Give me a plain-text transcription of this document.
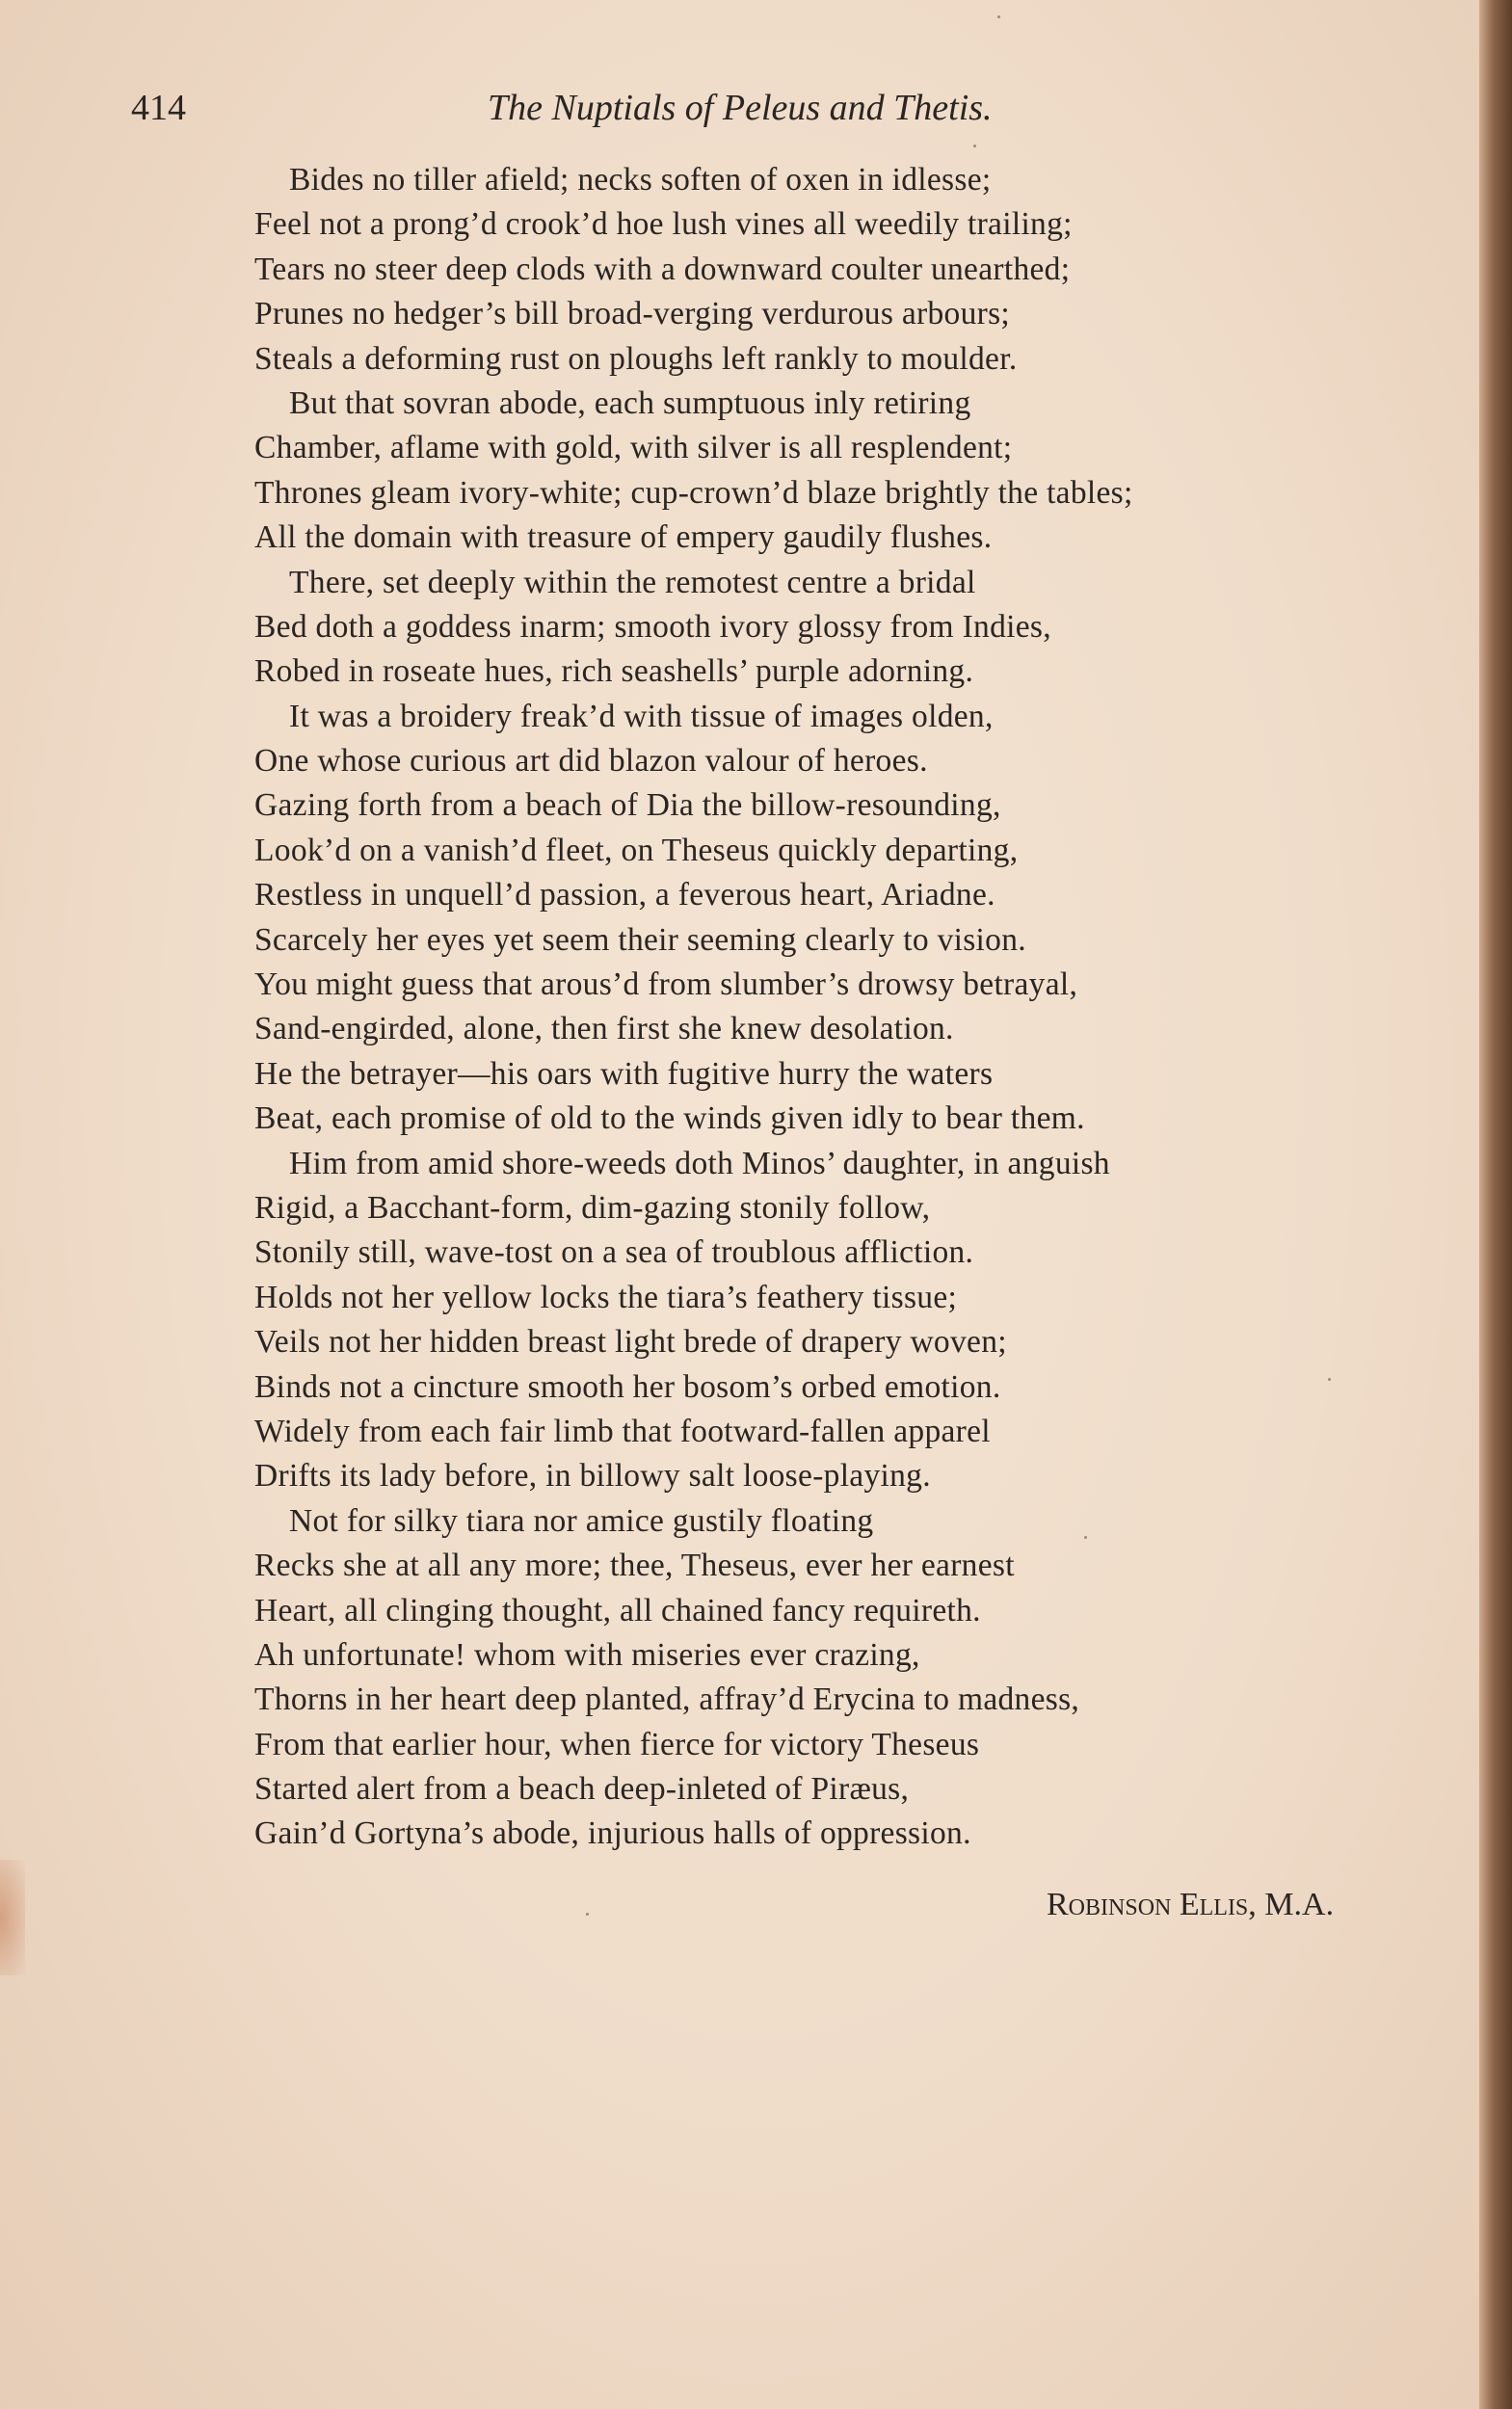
414	The Nuptials of Peleus and Thetis.
Bides no tiller afield; necks soften of oxen in idlesse;
Feel not a prong’d crook’d hoe lush vines all weedily trailing;
Tears no steer deep clods with a downward coulter unearthed;
Prunes no hedger’s bill broad-verging verdurous arbours;
Steals a deforming rust on ploughs left rankly to moulder.
But that sovran abode, each sumptuous inly retiring
Chamber, aflame with gold, with silver is all resplendent;
Thrones gleam ivory-white; cup-crown’d blaze brightly the tables;
All the domain with treasure of empery gaudily flushes.
There, set deeply within the remotest centre a bridal
Bed doth a goddess inarm; smooth ivory glossy from Indies,
Robed in roseate hues, rich seashells’ purple adorning.
It was a broidery freak’d with tissue of images olden,
One whose curious art did blazon valour of heroes.
Gazing forth from a beach of Dia the billow-resounding,
Look’d on a vanish’d fleet, on Theseus quickly departing,
Restless in unquell’d passion, a feverous heart, Ariadne.
Scarcely her eyes yet seem their seeming clearly to vision.
You might guess that arous’d from slumber’s drowsy betrayal,
Sand-engirded, alone, then first she knew desolation.
He the betrayer—his oars with fugitive hurry the waters
Beat, each promise of old to the winds given idly to bear them.
Him from amid shore-weeds doth Minos’ daughter, in anguish
Rigid, a Bacchant-form, dim-gazing stonily follow,
Stonily still, wave-tost on a sea of troublous affliction.
Holds not her yellow locks the tiara’s feathery tissue;
Veils not her hidden breast light brede of drapery woven;
Binds not a cincture smooth her bosom’s orbed emotion.
Widely from each fair limb that footward-fallen apparel
Drifts its lady before, in billowy salt loose-playing.
Not for silky tiara nor amice gustily floating
Recks she at all any more; thee, Theseus, ever her earnest
Heart, all clinging thought, all chained fancy requireth.
Ah unfortunate! whom with miseries ever crazing,
Thorns in her heart deep planted, affray’d Erycina to madness,
From that earlier hour, when fierce for victory Theseus
Started alert from a beach deep-inleted of Piræus,
Gain’d Gortyna’s abode, injurious halls of oppression.
Robinson Ellis, M.A.
